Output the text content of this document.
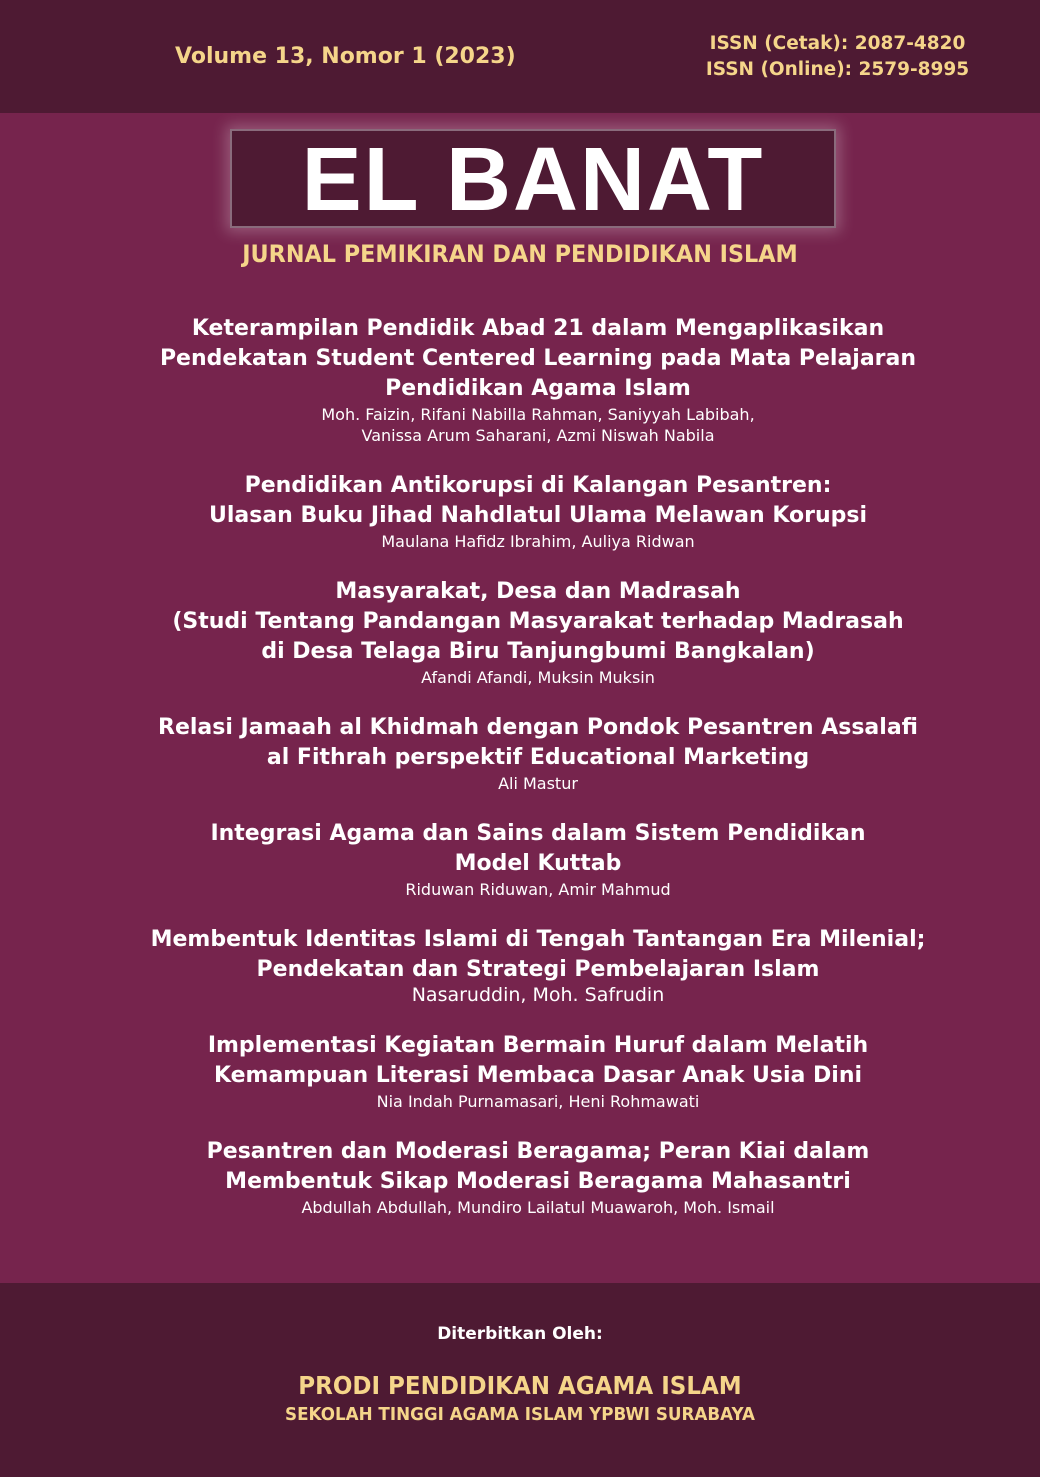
Volume 13, Nomor 1 (2023)
ISSN (Cetak): 2087-4820
ISSN (Online): 2579-8995
EL BANAT
JURNAL PEMIKIRAN DAN PENDIDIKAN ISLAM
Keterampilan Pendidik Abad 21 dalam Mengaplikasikan
Pendekatan Student Centered Learning pada Mata Pelajaran
Pendidikan Agama Islam
Moh. Faizin, Rifani Nabilla Rahman, Saniyyah Labibah,
Vanissa Arum Saharani, Azmi Niswah Nabila
Pendidikan Antikorupsi di Kalangan Pesantren:
Ulasan Buku Jihad Nahdlatul Ulama Melawan Korupsi
Maulana Hafidz Ibrahim, Auliya Ridwan
Masyarakat, Desa dan Madrasah
(Studi Tentang Pandangan Masyarakat terhadap Madrasah
di Desa Telaga Biru Tanjungbumi Bangkalan)
Afandi Afandi, Muksin Muksin
Relasi Jamaah al Khidmah dengan Pondok Pesantren Assalafi
al Fithrah perspektif Educational Marketing
Ali Mastur
Integrasi Agama dan Sains dalam Sistem Pendidikan
Model Kuttab
Riduwan Riduwan, Amir Mahmud
Membentuk Identitas Islami di Tengah Tantangan Era Milenial;
Pendekatan dan Strategi Pembelajaran Islam
Nasaruddin, Moh. Safrudin
Implementasi Kegiatan Bermain Huruf dalam Melatih
Kemampuan Literasi Membaca Dasar Anak Usia Dini
Nia Indah Purnamasari, Heni Rohmawati
Pesantren dan Moderasi Beragama; Peran Kiai dalam
Membentuk Sikap Moderasi Beragama Mahasantri
Abdullah Abdullah, Mundiro Lailatul Muawaroh, Moh. Ismail
Diterbitkan Oleh:
PRODI PENDIDIKAN AGAMA ISLAM
SEKOLAH TINGGI AGAMA ISLAM YPBWI SURABAYA
